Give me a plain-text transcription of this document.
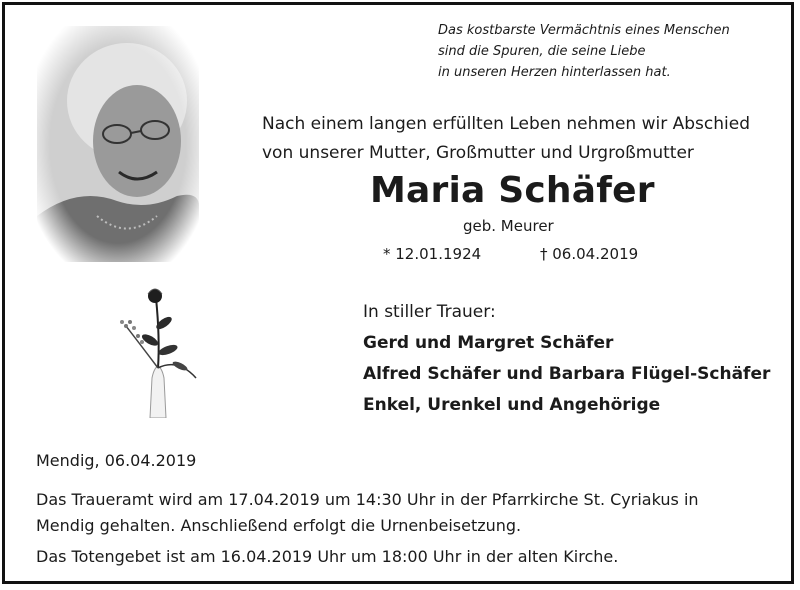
Das kostbarste Vermächtnis eines Menschen
sind die Spuren, die seine Liebe
in unseren Herzen hinterlassen hat.
Nach einem langen erfüllten Leben nehmen wir Abschied
von unserer Mutter, Großmutter und Urgroßmutter
Maria Schäfer
geb. Meurer
* 12.01.1924	† 06.04.2019
In stiller Trauer:
Gerd und Margret Schäfer
Alfred Schäfer und Barbara Flügel-Schäfer
Enkel, Urenkel und Angehörige
Mendig, 06.04.2019
Das Traueramt wird am 17.04.2019 um 14:30 Uhr in der Pfarrkirche St. Cyriakus in
Mendig gehalten. Anschließend erfolgt die Urnenbeisetzung.
Das Totengebet ist am 16.04.2019 Uhr um 18:00 Uhr in der alten Kirche.
